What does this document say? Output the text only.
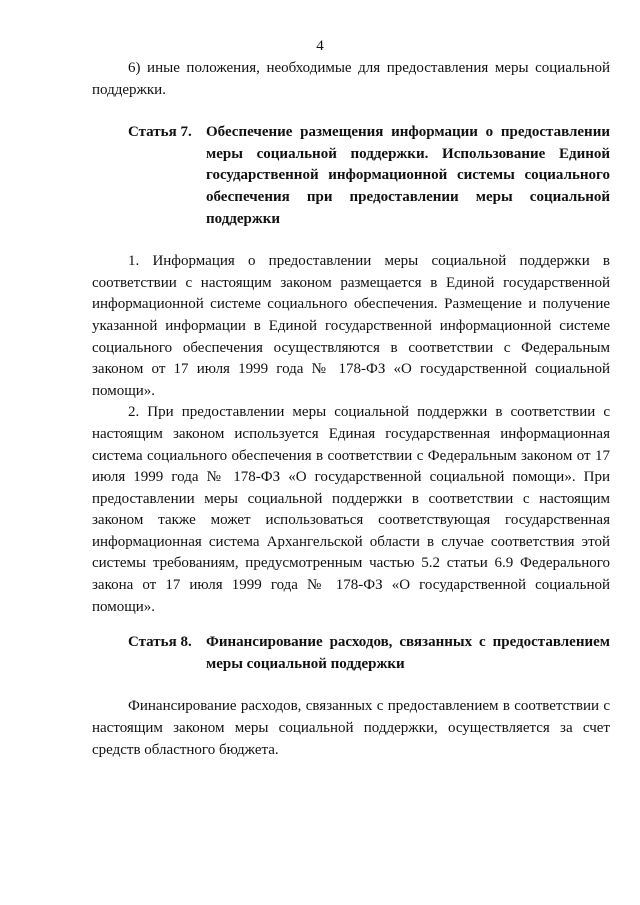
4

6) иные положения, необходимые для предоставления меры социальной поддержки.

Статья 7. Обеспечение размещения информации о предоставлении меры социальной поддержки. Использование Единой государственной информационной системы социального обеспечения при предоставлении меры социальной поддержки

1. Информация о предоставлении меры социальной поддержки в соответствии с настоящим законом размещается в Единой государственной информационной системе социального обеспечения. Размещение и получение указанной информации в Единой государственной информационной системе социального обеспечения осуществляются в соответствии с Федеральным законом от 17 июля 1999 года № 178-ФЗ «О государственной социальной помощи».

2. При предоставлении меры социальной поддержки в соответствии с настоящим законом используется Единая государственная информационная система социального обеспечения в соответствии с Федеральным законом от 17 июля 1999 года № 178-ФЗ «О государственной социальной помощи». При предоставлении меры социальной поддержки в соответствии с настоящим законом также может использоваться соответствующая государственная информационная система Архангельской области в случае соответствия этой системы требованиям, предусмотренным частью 5.2 статьи 6.9 Федерального закона от 17 июля 1999 года № 178-ФЗ «О государственной социальной помощи».

Статья 8. Финансирование расходов, связанных с предоставлением меры социальной поддержки

Финансирование расходов, связанных с предоставлением в соответствии с настоящим законом меры социальной поддержки, осуществляется за счет средств областного бюджета.
